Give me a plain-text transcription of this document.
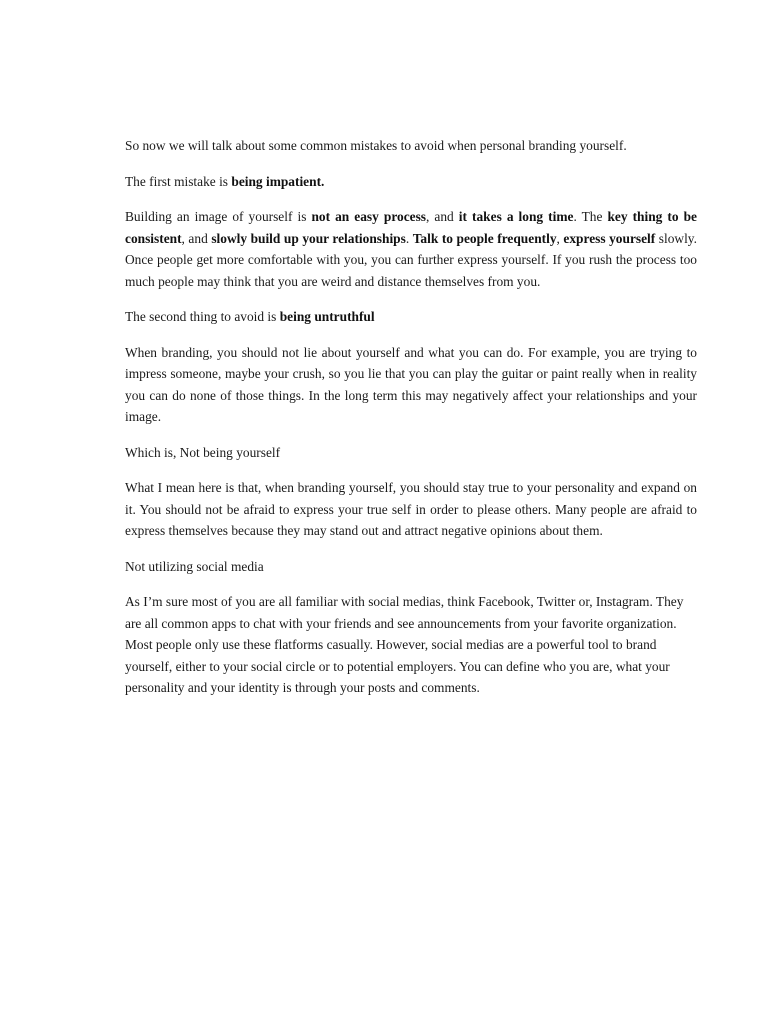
So now we will talk about some common mistakes to avoid when personal branding yourself.

The first mistake is being impatient.

Building an image of yourself is not an easy process, and it takes a long time. The key thing to be consistent, and slowly build up your relationships. Talk to people frequently, express yourself slowly. Once people get more comfortable with you, you can further express yourself. If you rush the process too much people may think that you are weird and distance themselves from you.

The second thing to avoid is being untruthful

When branding, you should not lie about yourself and what you can do. For example, you are trying to impress someone, maybe your crush, so you lie that you can play the guitar or paint really when in reality you can do none of those things. In the long term this may negatively affect your relationships and your image.

Which is, Not being yourself

What I mean here is that, when branding yourself, you should stay true to your personality and expand on it. You should not be afraid to express your true self in order to please others. Many people are afraid to express themselves because they may stand out and attract negative opinions about them.

Not utilizing social media

As I’m sure most of you are all familiar with social medias, think Facebook, Twitter or, Instagram. They are all common apps to chat with your friends and see announcements from your favorite organization. Most people only use these flatforms casually. However, social medias are a powerful tool to brand yourself, either to your social circle or to potential employers. You can define who you are, what your personality and your identity is through your posts and comments.
